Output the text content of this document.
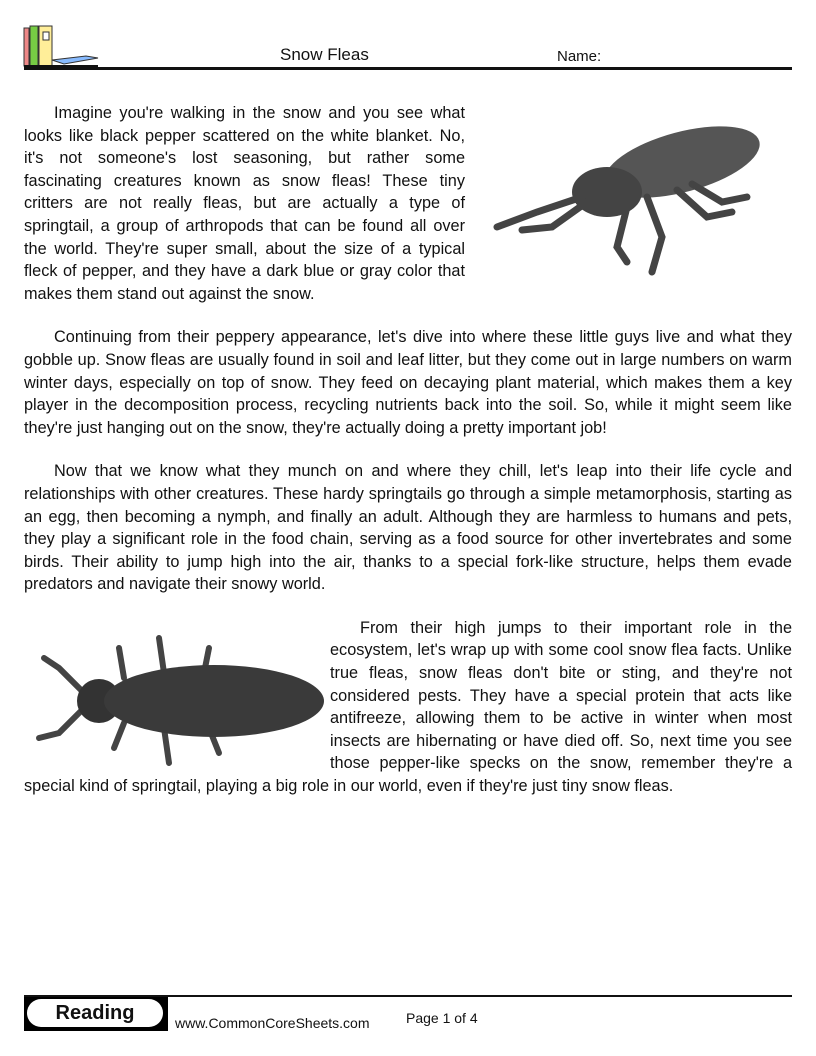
Snow Fleas	Name:

Imagine you're walking in the snow and you see what looks like black pepper scattered on the white blanket. No, it's not someone's lost seasoning, but rather some fascinating creatures known as snow fleas! These tiny critters are not really fleas, but are actually a type of springtail, a group of arthropods that can be found all over the world. They're super small, about the size of a typical fleck of pepper, and they have a dark blue or gray color that makes them stand out against the snow.

Continuing from their peppery appearance, let's dive into where these little guys live and what they gobble up. Snow fleas are usually found in soil and leaf litter, but they come out in large numbers on warm winter days, especially on top of snow. They feed on decaying plant material, which makes them a key player in the decomposition process, recycling nutrients back into the soil. So, while it might seem like they're just hanging out on the snow, they're actually doing a pretty important job!

Now that we know what they munch on and where they chill, let's leap into their life cycle and relationships with other creatures. These hardy springtails go through a simple metamorphosis, starting as an egg, then becoming a nymph, and finally an adult. Although they are harmless to humans and pets, they play a significant role in the food chain, serving as a food source for other invertebrates and some birds. Their ability to jump high into the air, thanks to a special fork-like structure, helps them evade predators and navigate their snowy world.

From their high jumps to their important role in the ecosystem, let's wrap up with some cool snow flea facts. Unlike true fleas, snow fleas don't bite or sting, and they're not considered pests. They have a special protein that acts like antifreeze, allowing them to be active in winter when most insects are hibernating or have died off. So, next time you see those pepper-like specks on the snow, remember they're a special kind of springtail, playing a big role in our world, even if they're just tiny snow fleas.

Reading	www.CommonCoreSheets.com	Page 1 of 4
